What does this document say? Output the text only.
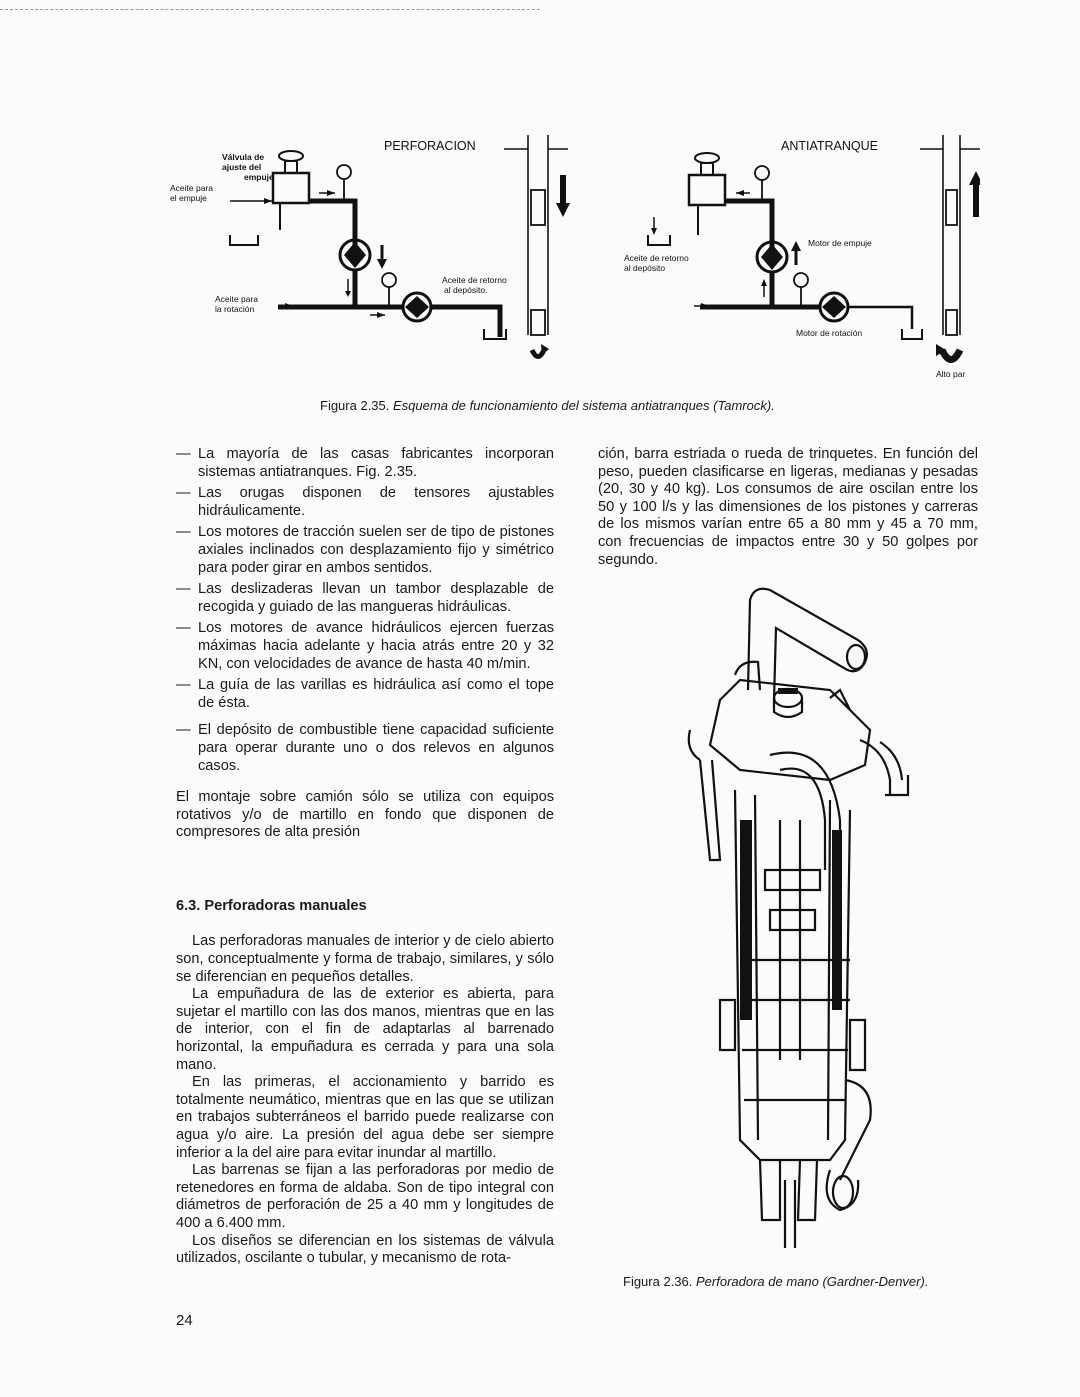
PERFORACION
Válvula de ajuste del empuje
Aceite para el empuje
Aceite para la rotación
Aceite de retorno al depósito.
ANTIATRANQUE
Aceite de retorno al depósito
Motor de empuje
Motor de rotación
Alto par
Figura 2.35. Esquema de funcionamiento del sistema antiatranques (Tamrock).
— La mayoría de las casas fabricantes incorporan sistemas antiatranques. Fig. 2.35.
— Las orugas disponen de tensores ajustables hidráulicamente.
— Los motores de tracción suelen ser de tipo de pistones axiales inclinados con desplazamiento fijo y simétrico para poder girar en ambos sentidos.
— Las deslizaderas llevan un tambor desplazable de recogida y guiado de las mangueras hidráulicas.
— Los motores de avance hidráulicos ejercen fuerzas máximas hacia adelante y hacia atrás entre 20 y 32 KN, con velocidades de avance de hasta 40 m/min.
— La guía de las varillas es hidráulica así como el tope de ésta.
— El depósito de combustible tiene capacidad suficiente para operar durante uno o dos relevos en algunos casos.

El montaje sobre camión sólo se utiliza con equipos rotativos y/o de martillo en fondo que disponen de compresores de alta presión

6.3. Perforadoras manuales

Las perforadoras manuales de interior y de cielo abierto son, conceptualmente y forma de trabajo, similares, y sólo se diferencian en pequeños detalles.

La empuñadura de las de exterior es abierta, para sujetar el martillo con las dos manos, mientras que en las de interior, con el fin de adaptarlas al barrenado horizontal, la empuñadura es cerrada y para una sola mano.

En las primeras, el accionamiento y barrido es totalmente neumático, mientras que en las que se utilizan en trabajos subterráneos el barrido puede realizarse con agua y/o aire. La presión del agua debe ser siempre inferior a la del aire para evitar inundar al martillo.

Las barrenas se fijan a las perforadoras por medio de retenedores en forma de aldaba. Son de tipo integral con diámetros de perforación de 25 a 40 mm y longitudes de 400 a 6.400 mm.

Los diseños se diferencian en los sistemas de válvula utilizados, oscilante o tubular, y mecanismo de rota-

ción, barra estriada o rueda de trinquetes. En función del peso, pueden clasificarse en ligeras, medianas y pesadas (20, 30 y 40 kg). Los consumos de aire oscilan entre los 50 y 100 l/s y las dimensiones de los pistones y carreras de los mismos varían entre 65 a 80 mm y 45 a 70 mm, con frecuencias de impactos entre 30 y 50 golpes por segundo.

Figura 2.36. Perforadora de mano (Gardner-Denver).
24
